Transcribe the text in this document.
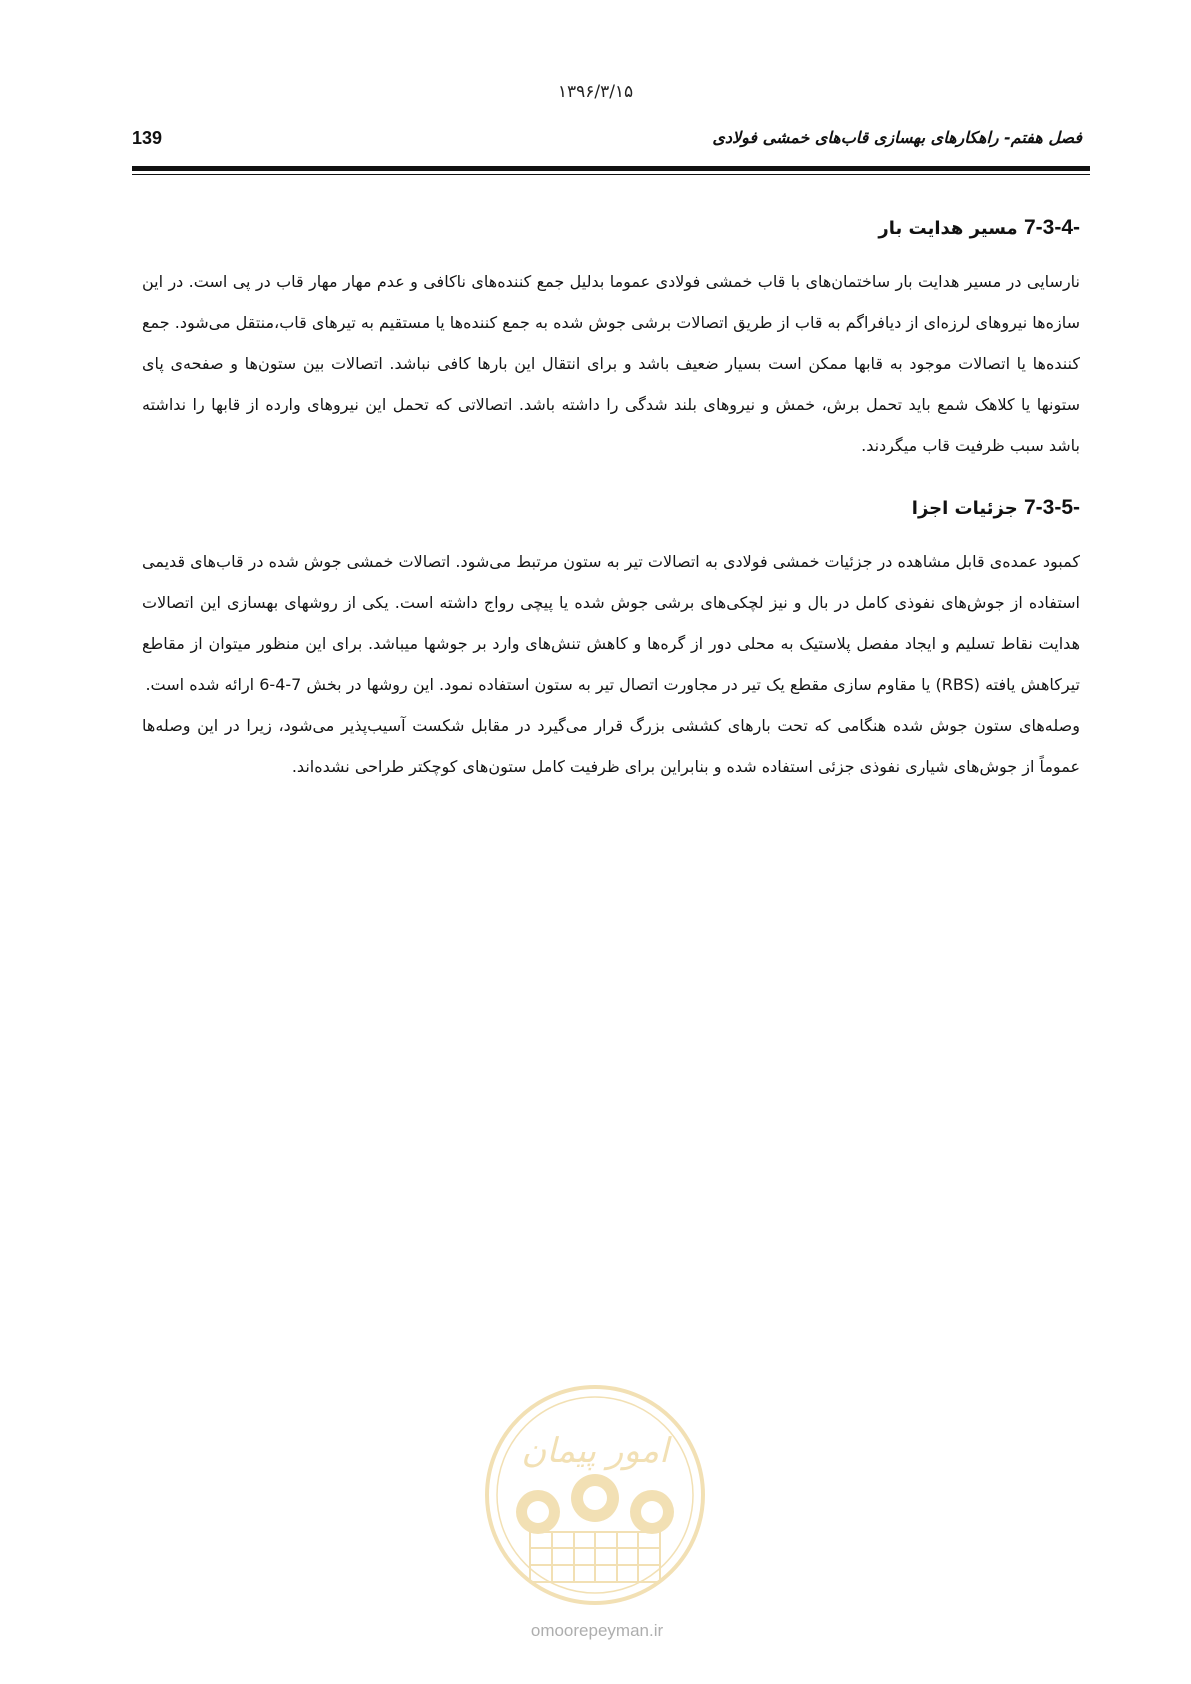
۱۳۹۶/۳/۱۵
139	فصل هفتم- راهکارهای بهسازی قاب‌های خمشی فولادی
7-3-4- مسیر هدایت بار

نارسایی در مسیر هدایت بار ساختمان‌های با قاب خمشی فولادی عموما بدلیل جمع کننده‌های ناکافی و عدم مهار مهار قاب در پی است. در این سازه‌ها نیروهای لرزه‌ای از دیافراگم به قاب از طریق اتصالات برشی جوش شده به جمع کننده‌ها یا مستقیم به تیرهای قاب،منتقل می‌شود. جمع کننده‌ها یا اتصالات موجود به قابها ممکن است بسیار ضعیف باشد و برای انتقال این بارها کافی نباشد. اتصالات بین ستون‌ها و صفحه‌ی پای ستونها یا کلاهک شمع باید تحمل برش، خمش و نیروهای بلند شدگی را داشته باشد. اتصالاتی که تحمل این نیروهای وارده از قابها را نداشته باشد سبب ظرفیت قاب میگردند.

7-3-5- جزئیات اجزا

کمبود عمده‌ی قابل مشاهده در جزئیات خمشی فولادی به اتصالات تیر به ستون مرتبط می‌شود. اتصالات خمشی جوش شده در قاب‌های قدیمی استفاده از جوش‌های نفوذی کامل در بال و نیز لچکی‌های برشی جوش شده یا پیچی رواج داشته است. یکی از روشهای بهسازی این اتصالات هدایت نقاط تسلیم و ایجاد مفصل پلاستیک به محلی دور از گره‌ها و کاهش تنش‌های وارد بر جوشها میباشد. برای این منظور میتوان از مقاطع تیرکاهش یافته (RBS) یا مقاوم سازی مقطع یک تیر در مجاورت اتصال تیر به ستون استفاده نمود. این روشها در بخش 7-4-6 ارائه شده است.

وصله‌های ستون جوش شده هنگامی که تحت بارهای کششی بزرگ قرار می‌گیرد در مقابل شکست آسیب‌پذیر می‌شود، زیرا در این وصله‌ها عموماً از جوش‌های شیاری نفوذی جزئی استفاده شده و بنابراین برای ظرفیت کامل ستون‌های کوچکتر طراحی نشده‌اند.

امور پیمان
omoorepeyman.ir
